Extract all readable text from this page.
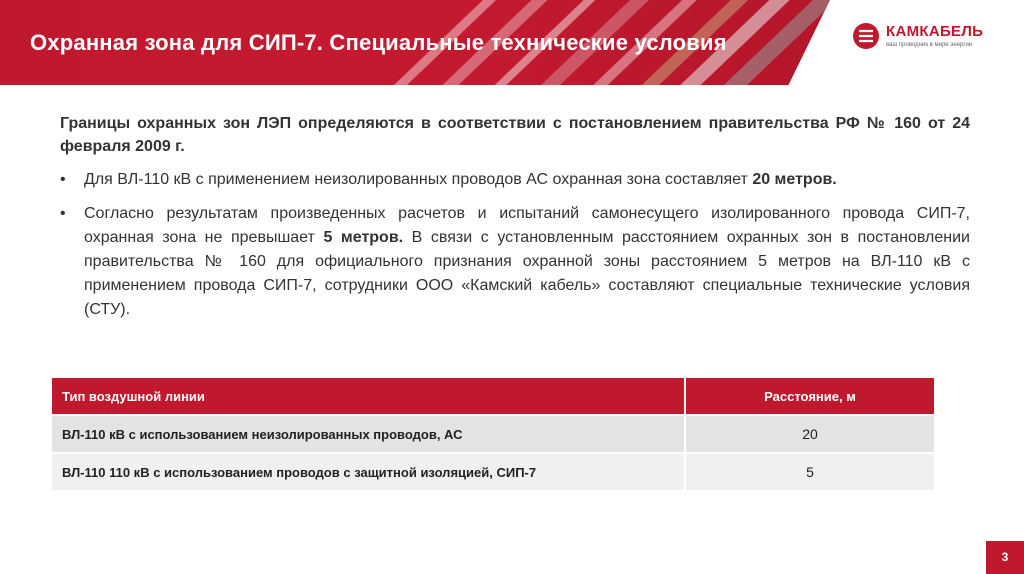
Охранная зона для СИП-7. Специальные технические условия	КАМКАБЕЛЬ
ваш проводник в мире энергии

Границы охранных зон ЛЭП определяются в соответствии с постановлением правительства РФ № 160 от 24 февраля 2009 г.

• Для ВЛ-110 кВ с применением неизолированных проводов АС охранная зона составляет 20 метров.
• Согласно результатам произведенных расчетов и испытаний самонесущего изолированного провода СИП-7, охранная зона не превышает 5 метров. В связи с установленным расстоянием охранных зон в постановлении правительства № 160 для официального признания охранной зоны расстоянием 5 метров на ВЛ-110 кВ с применением провода СИП-7, сотрудники ООО «Камский кабель» составляют специальные технические условия (СТУ).
Тип воздушной линии	Расстояние, м
ВЛ-110 кВ с использованием неизолированных проводов, АС	20
ВЛ-110 110 кВ с использованием проводов с защитной изоляцией, СИП-7	5
3
